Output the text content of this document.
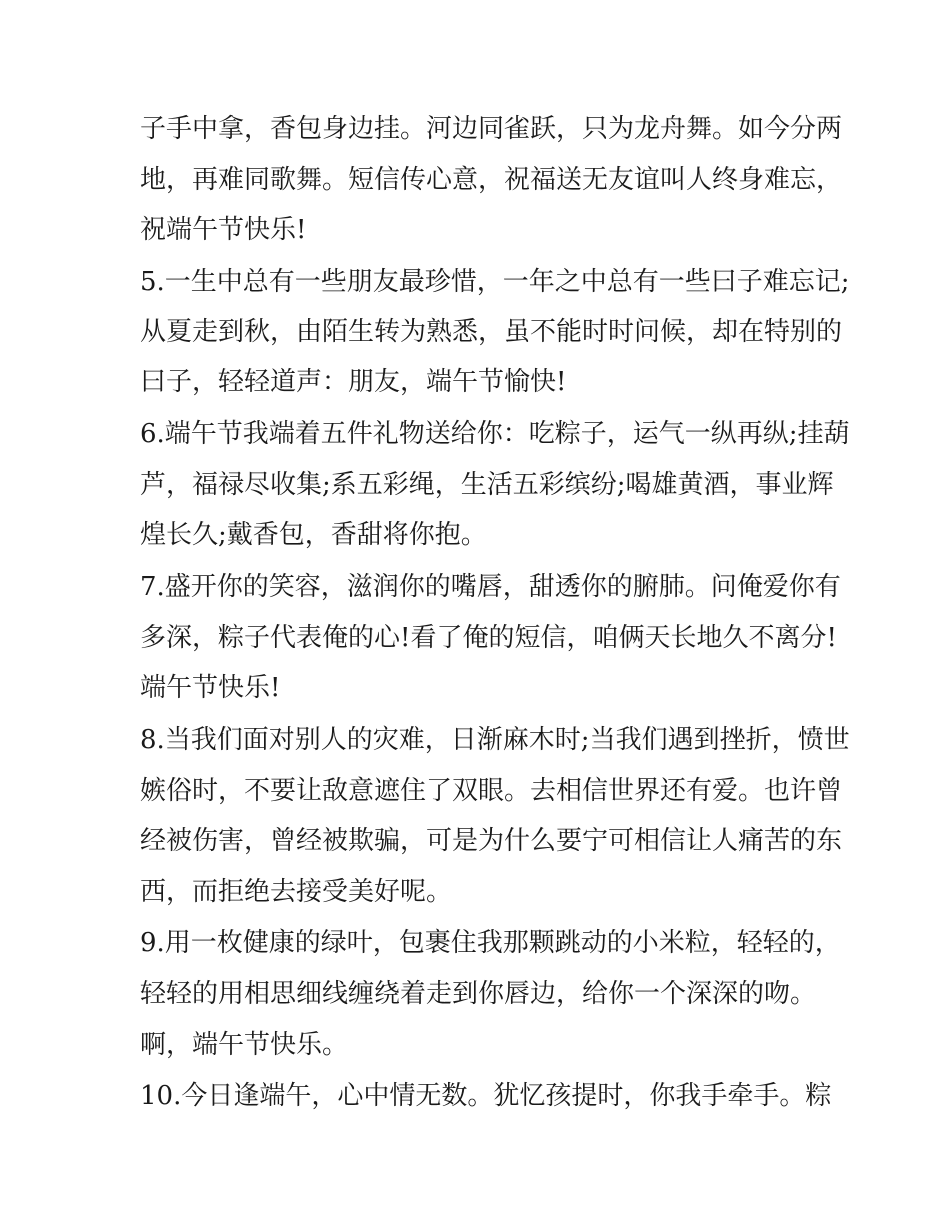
子手中拿，香包身边挂。河边同雀跃，只为龙舟舞。如今分两
地，再难同歌舞。短信传心意，祝福送无友谊叫人终身难忘，
祝端午节快乐!
5.一生中总有一些朋友最珍惜，一年之中总有一些曰子难忘记;
从夏走到秋，由陌生转为熟悉，虽不能时时问候，却在特别的
曰子，轻轻道声：朋友，端午节愉快!
6.端午节我端着五件礼物送给你：吃粽子，运气一纵再纵;挂葫
芦，福禄尽收集;系五彩绳，生活五彩缤纷;喝雄黄酒，事业辉
煌长久;戴香包，香甜将你抱。
7.盛开你的笑容，滋润你的嘴唇，甜透你的腑肺。问俺爱你有
多深，粽子代表俺的心!看了俺的短信，咱俩天长地久不离分!
端午节快乐!
8.当我们面对别人的灾难，日渐麻木时;当我们遇到挫折，愤世
嫉俗时，不要让敌意遮住了双眼。去相信世界还有爱。也许曾
经被伤害，曾经被欺骗，可是为什么要宁可相信让人痛苦的东
西，而拒绝去接受美好呢。
9.用一枚健康的绿叶，包裹住我那颗跳动的小米粒，轻轻的，
轻轻的用相思细线缠绕着走到你唇边，给你一个深深的吻。
啊，端午节快乐。
10.今日逢端午，心中情无数。犹忆孩提时，你我手牵手。粽
